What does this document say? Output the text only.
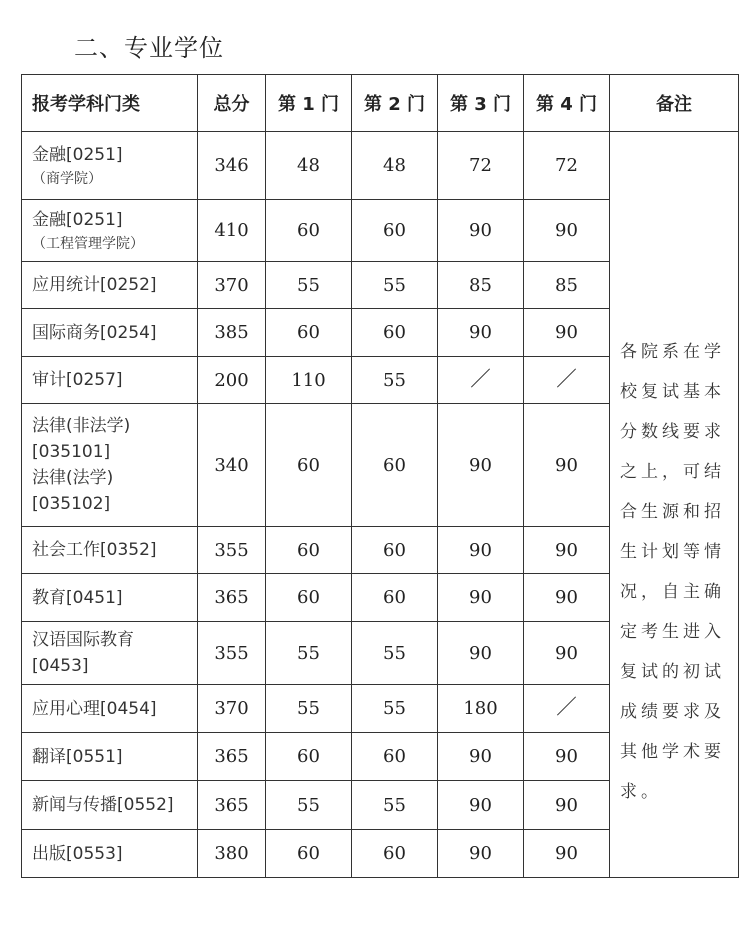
二、专业学位
报考学科门类	总分	第 1 门	第 2 门	第 3 门	第 4 门	备注

金融[0251]
（商学院）	346	48	48	72	72	各院系在学校复试基本分数线要求之上，可结合生源和招生计划等情况，自主确定考生进入复试的初试成绩要求及其他学术要求。

金融[0251]
（工程管理学院）	410	60	60	90	90	

应用统计[0252]	370	55	55	85	85	

国际商务[0254]	385	60	60	90	90	

审计[0257]	200	110	55			

法律(非法学)
[035101]
法律(法学)
[035102]	340	60	60	90	90	

社会工作[0352]	355	60	60	90	90	

教育[0451]	365	60	60	90	90	

汉语国际教育
[0453]	355	55	55	90	90	

应用心理[0454]	370	55	55	180		

翻译[0551]	365	60	60	90	90	

新闻与传播[0552]	365	55	55	90	90	

出版[0553]	380	60	60	90	90	
